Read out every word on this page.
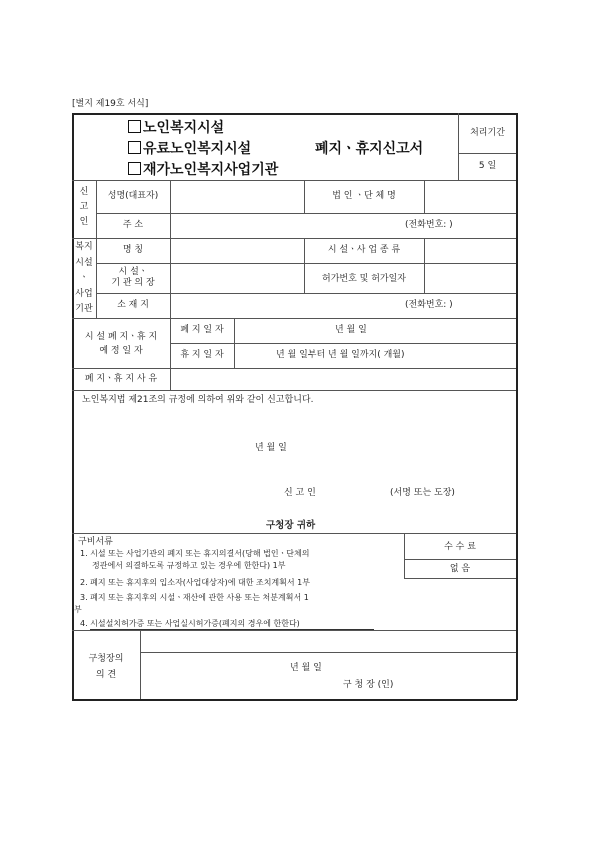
[별지 제19호 서식]
노인복지시설
유료노인복지시설
재가노인복지사업기관
폐지ㆍ휴지신고서
처리기간
5 일
신
고
인
성명(대표자)	법 인 ㆍ단 체 명
주 소	(전화번호: )
복지
시설
ㆍ
사업
기관
명 칭	시 설ㆍ사 업 종 류
시 설ㆍ
기 관 의 장	허가번호 및 허가일자
소 재 지	(전화번호: )
시 설 폐 지ㆍ휴 지
예 정 일 자
폐 지 일 자	년 월 일
휴 지 일 자	년 월 일부터 년 월 일까지( 개월)
폐 지ㆍ휴 지 사 유
노인복지법 제21조의 규정에 의하여 위와 같이 신고합니다.
년 월 일
신 고 인	(서명 또는 도장)
구청장 귀하
구비서류
1. 시설 또는 사업기관의 폐지 또는 휴지의결서(당해 법인ㆍ단체의
정관에서 의결하도록 규정하고 있는 경우에 한한다) 1부
2. 폐지 또는 휴지후의 입소자(사업대상자)에 대한 조치계획서 1부
3. 폐지 또는 휴지후의 시설ㆍ재산에 관한 사용 또는 처분계획서 1
부
4. 시설설치허가증 또는 사업실시허가증(폐지의 경우에 한한다)
수 수 료
없 음
구청장의
의 견
년 월 일
구 청 장 (인)
